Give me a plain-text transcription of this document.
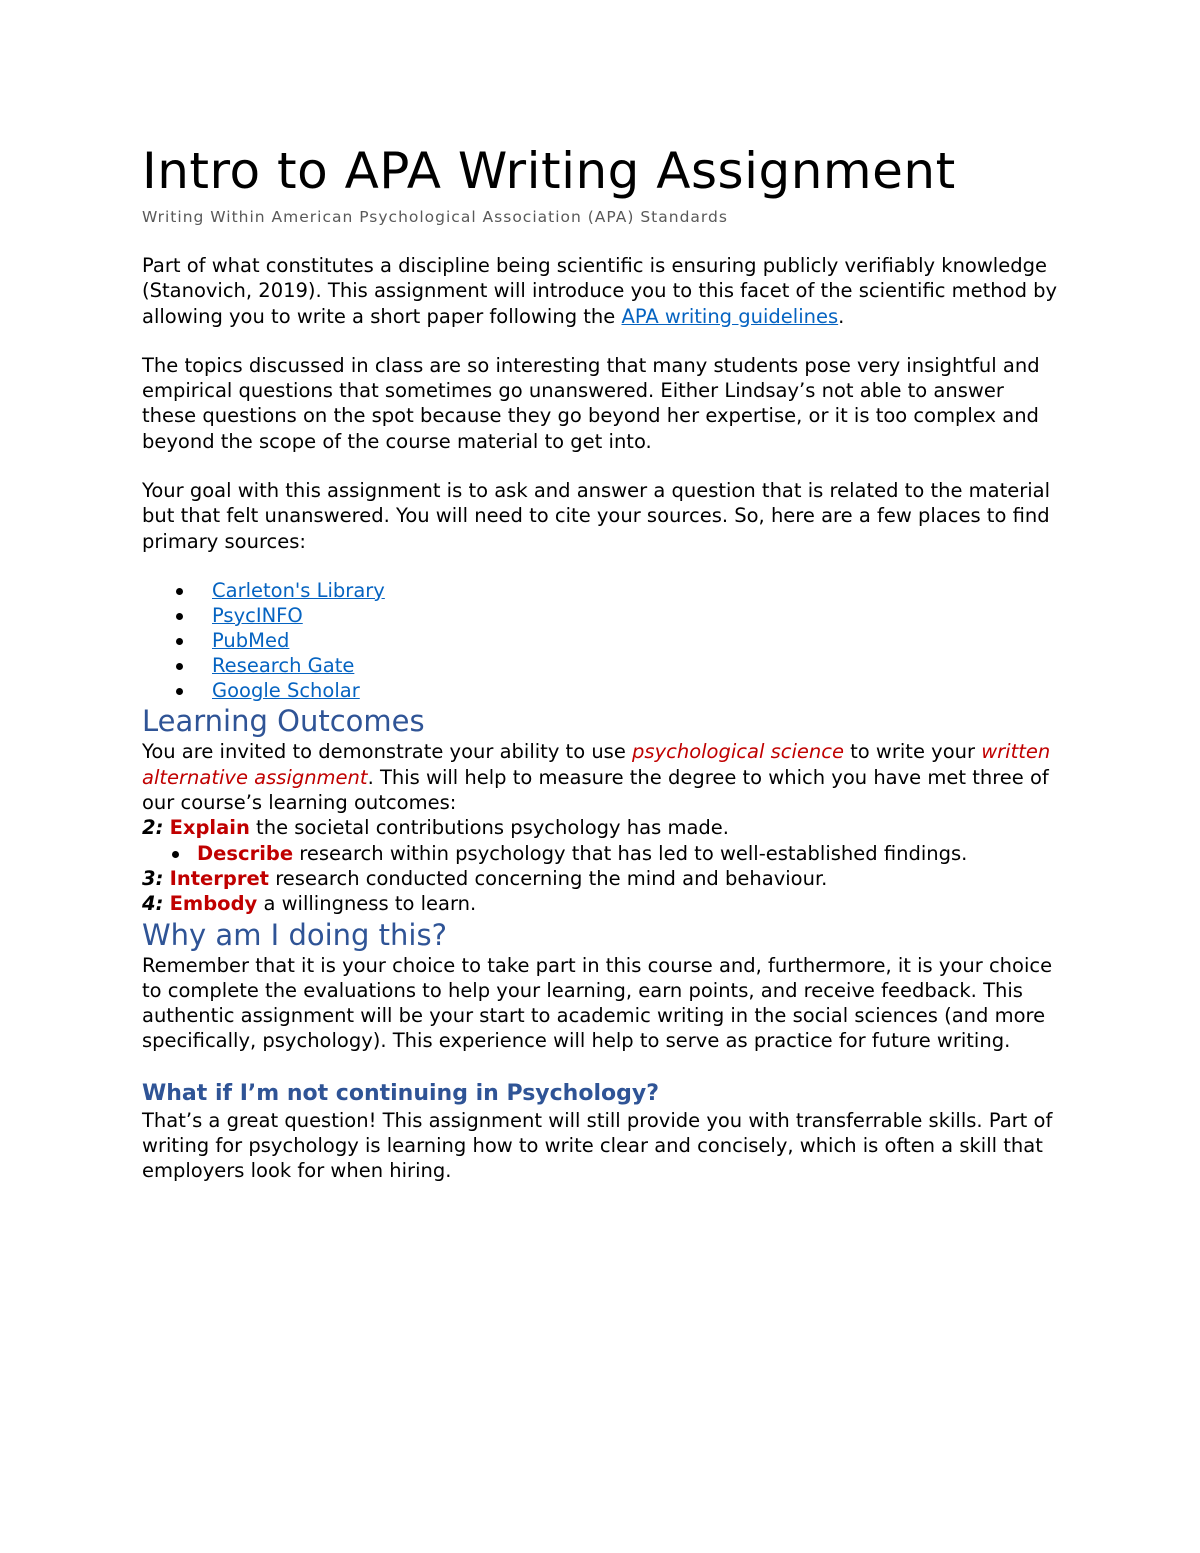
Intro to APA Writing Assignment
Writing Within American Psychological Association (APA) Standards

Part of what constitutes a discipline being scientific is ensuring publicly verifiably knowledge (Stanovich, 2019). This assignment will introduce you to this facet of the scientific method by allowing you to write a short paper following the APA writing guidelines.

The topics discussed in class are so interesting that many students pose very insightful and empirical questions that sometimes go unanswered. Either Lindsay’s not able to answer these questions on the spot because they go beyond her expertise, or it is too complex and beyond the scope of the course material to get into.

Your goal with this assignment is to ask and answer a question that is related to the material but that felt unanswered. You will need to cite your sources. So, here are a few places to find primary sources:

Carleton's Library
PsycINFO
PubMed
Research Gate
Google Scholar
Learning Outcomes

You are invited to demonstrate your ability to use psychological science to write your written alternative assignment. This will help to measure the degree to which you have met three of our course’s learning outcomes:

2: Explain the societal contributions psychology has made.

Describe research within psychology that has led to well-established findings.

3: Interpret research conducted concerning the mind and behaviour.

4: Embody a willingness to learn.

Why am I doing this?

Remember that it is your choice to take part in this course and, furthermore, it is your choice to complete the evaluations to help your learning, earn points, and receive feedback. This authentic assignment will be your start to academic writing in the social sciences (and more specifically, psychology). This experience will help to serve as practice for future writing.

What if I’m not continuing in Psychology?

That’s a great question! This assignment will still provide you with transferrable skills. Part of writing for psychology is learning how to write clear and concisely, which is often a skill that employers look for when hiring.
